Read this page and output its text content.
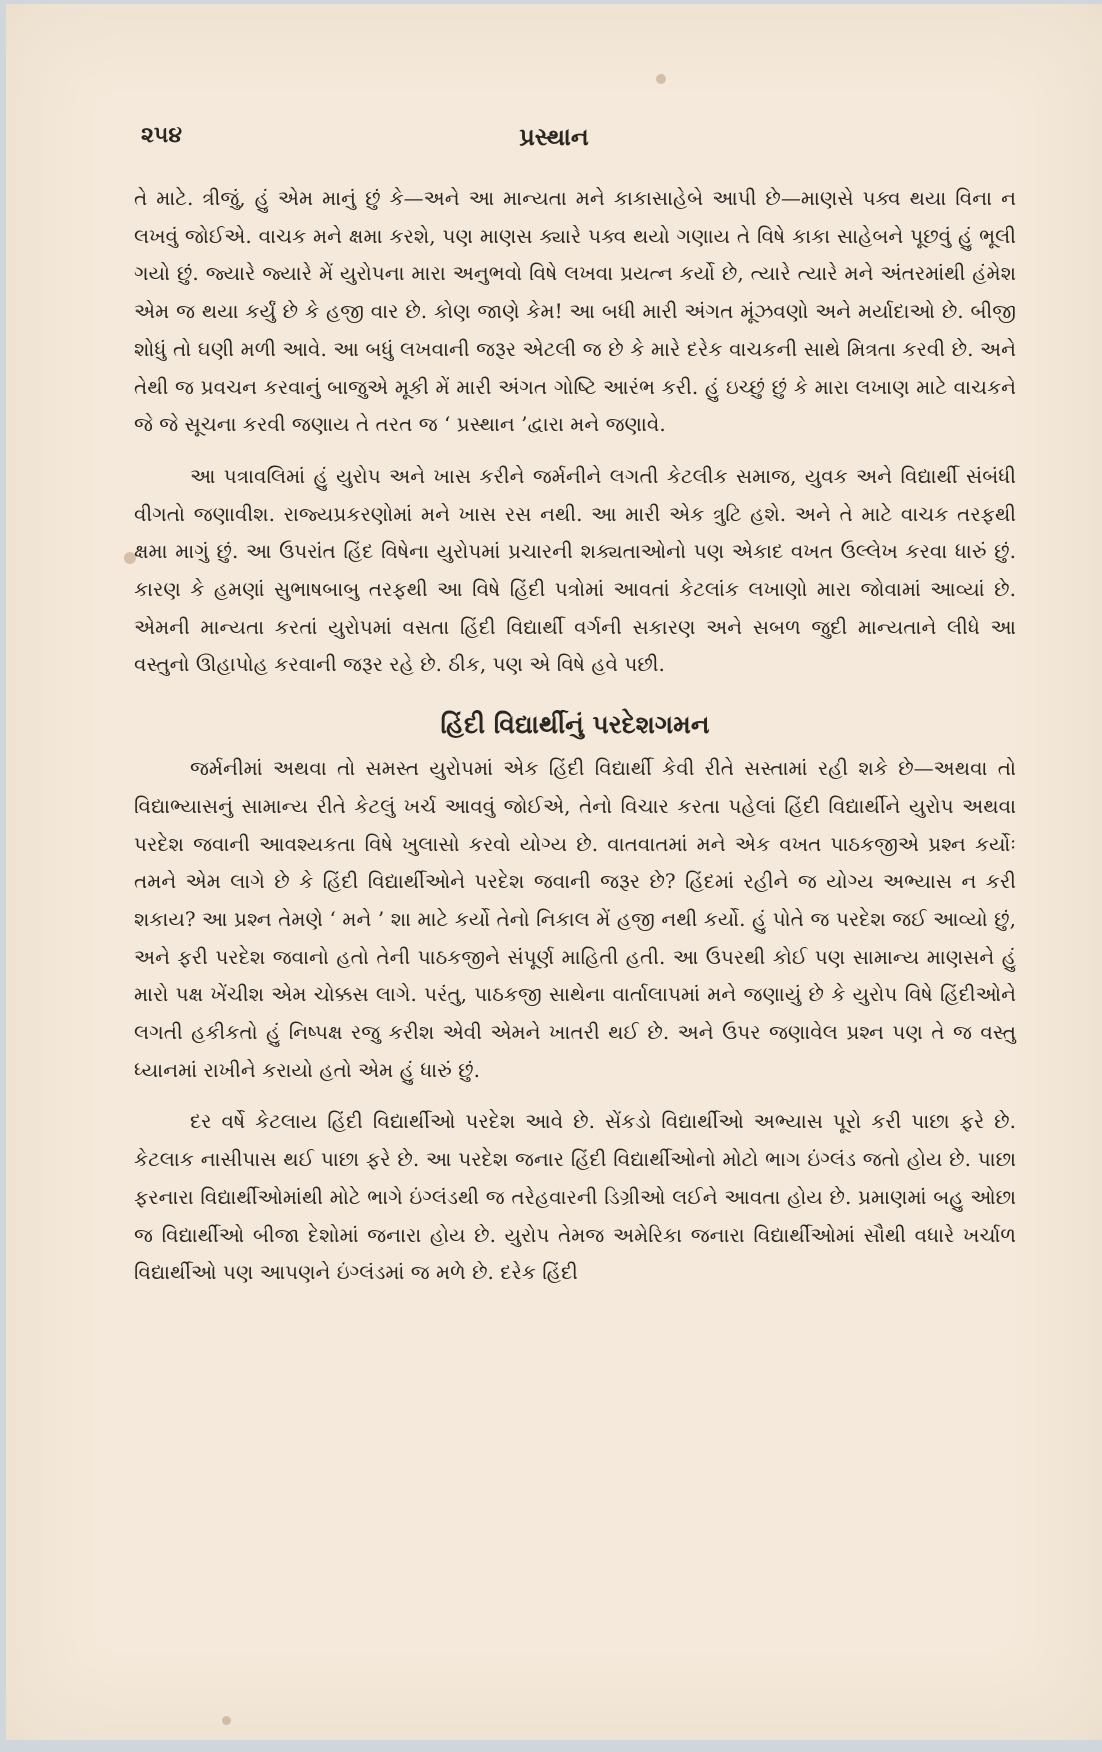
૨૫૪	પ્રસ્થાન

તે માટે. ત્રીજું, હું એમ માનું છું કે—અને આ માન્યતા મને કાકાસાહેબે આપી છે—માણસે પક્વ થયા વિના ન લખવું જોઈએ. વાચક મને ક્ષમા કરશે, પણ માણસ ક્યારે પક્વ થયો ગણાય તે વિષે કાકા સાહેબને પૂછવું હું ભૂલી ગયો છું. જ્યારે જ્યારે મેં યુરોપના મારા અનુભવો વિષે લખવા પ્રયત્ન કર્યો છે, ત્યારે ત્યારે મને અંતરમાંથી હંમેશ એમ જ થયા કર્યું છે કે હજી વાર છે. કોણ જાણે કેમ! આ બધી મારી અંગત મૂંઝવણો અને મર્યાદાઓ છે. બીજી શોધું તો ઘણી મળી આવે. આ બધું લખવાની જરૂર એટલી જ છે કે મારે દરેક વાચકની સાથે મિત્રતા કરવી છે. અને તેથી જ પ્રવચન કરવાનું બાજુએ મૂકી મેં મારી અંગત ગોષ્ટિ આરંભ કરી. હું ઇચ્છું છું કે મારા લખાણ માટે વાચકને જે જે સૂચના કરવી જણાય તે તરત જ ‘ પ્રસ્થાન ’દ્વારા મને જણાવે.

આ પત્રાવલિમાં હું યુરોપ અને ખાસ કરીને જર્મનીને લગતી કેટલીક સમાજ, યુવક અને વિદ્યાર્થી સંબંધી વીગતો જણાવીશ. રાજ્યપ્રકરણોમાં મને ખાસ રસ નથી. આ મારી એક ત્રુટિ હશે. અને તે માટે વાચક તરફથી ક્ષમા માગું છું. આ ઉપરાંત હિંદ વિષેના યુરોપમાં પ્રચારની શક્યતાઓનો પણ એકાદ વખત ઉલ્લેખ કરવા ધારું છું. કારણ કે હમણાં સુભાષબાબુ તરફથી આ વિષે હિંદી પત્રોમાં આવતાં કેટલાંક લખાણો મારા જોવામાં આવ્યાં છે. એમની માન્યતા કરતાં યુરોપમાં વસતા હિંદી વિદ્યાર્થી વર્ગની સકારણ અને સબળ જુદી માન્યતાને લીધે આ વસ્તુનો ઊહાપોહ કરવાની જરૂર રહે છે. ઠીક, પણ એ વિષે હવે પછી.

હિંદી વિદ્યાર્થીનું પરદેશગમન

જર્મનીમાં અથવા તો સમસ્ત યુરોપમાં એક હિંદી વિદ્યાર્થી કેવી રીતે સસ્તામાં રહી શકે છે—અથવા તો વિદ્યાભ્યાસનું સામાન્ય રીતે કેટલું ખર્ચ આવવું જોઈએ, તેનો વિચાર કરતા પહેલાં હિંદી વિદ્યાર્થીને યુરોપ અથવા પરદેશ જવાની આવશ્યકતા વિષે ખુલાસો કરવો યોગ્ય છે. વાતવાતમાં મને એક વખત પાઠકજીએ પ્રશ્ન કર્યોઃ તમને એમ લાગે છે કે હિંદી વિદ્યાર્થીઓને પરદેશ જવાની જરૂર છે? હિંદમાં રહીને જ યોગ્ય અભ્યાસ ન કરી શકાય? આ પ્રશ્ન તેમણે ‘ મને ’ શા માટે કર્યો તેનો નિકાલ મેં હજી નથી કર્યો. હું પોતે જ પરદેશ જઈ આવ્યો છું, અને ફરી પરદેશ જવાનો હતો તેની પાઠકજીને સંપૂર્ણ માહિતી હતી. આ ઉપરથી કોઈ પણ સામાન્ય માણસને હું મારો પક્ષ ખેંચીશ એમ ચોક્કસ લાગે. પરંતુ, પાઠકજી સાથેના વાર્તાલાપમાં મને જણાયું છે કે યુરોપ વિષે હિંદીઓને લગતી હકીકતો હું નિષ્પક્ષ રજુ કરીશ એવી એમને ખાતરી થઈ છે. અને ઉપર જણાવેલ પ્રશ્ન પણ તે જ વસ્તુ ધ્યાનમાં રાખીને કરાયો હતો એમ હું ધારું છું.

દર વર્ષે કેટલાય હિંદી વિદ્યાર્થીઓ પરદેશ આવે છે. સેંકડો વિદ્યાર્થીઓ અભ્યાસ પૂરો કરી પાછા ફરે છે. કેટલાક નાસીપાસ થઈ પાછા ફરે છે. આ પરદેશ જનાર હિંદી વિદ્યાર્થીઓનો મોટો ભાગ ઇંગ્લંડ જતો હોય છે. પાછા ફરનારા વિદ્યાર્થીઓમાંથી મોટે ભાગે ઇંગ્લંડથી જ તરેહવારની ડિગ્રીઓ લઈને આવતા હોય છે. પ્રમાણમાં બહુ ઓછા જ વિદ્યાર્થીઓ બીજા દેશોમાં જનારા હોય છે. યુરોપ તેમજ અમેરિકા જનારા વિદ્યાર્થીઓમાં સૌથી વધારે ખર્ચાળ વિદ્યાર્થીઓ પણ આપણને ઇંગ્લંડમાં જ મળે છે. દરેક હિંદી
